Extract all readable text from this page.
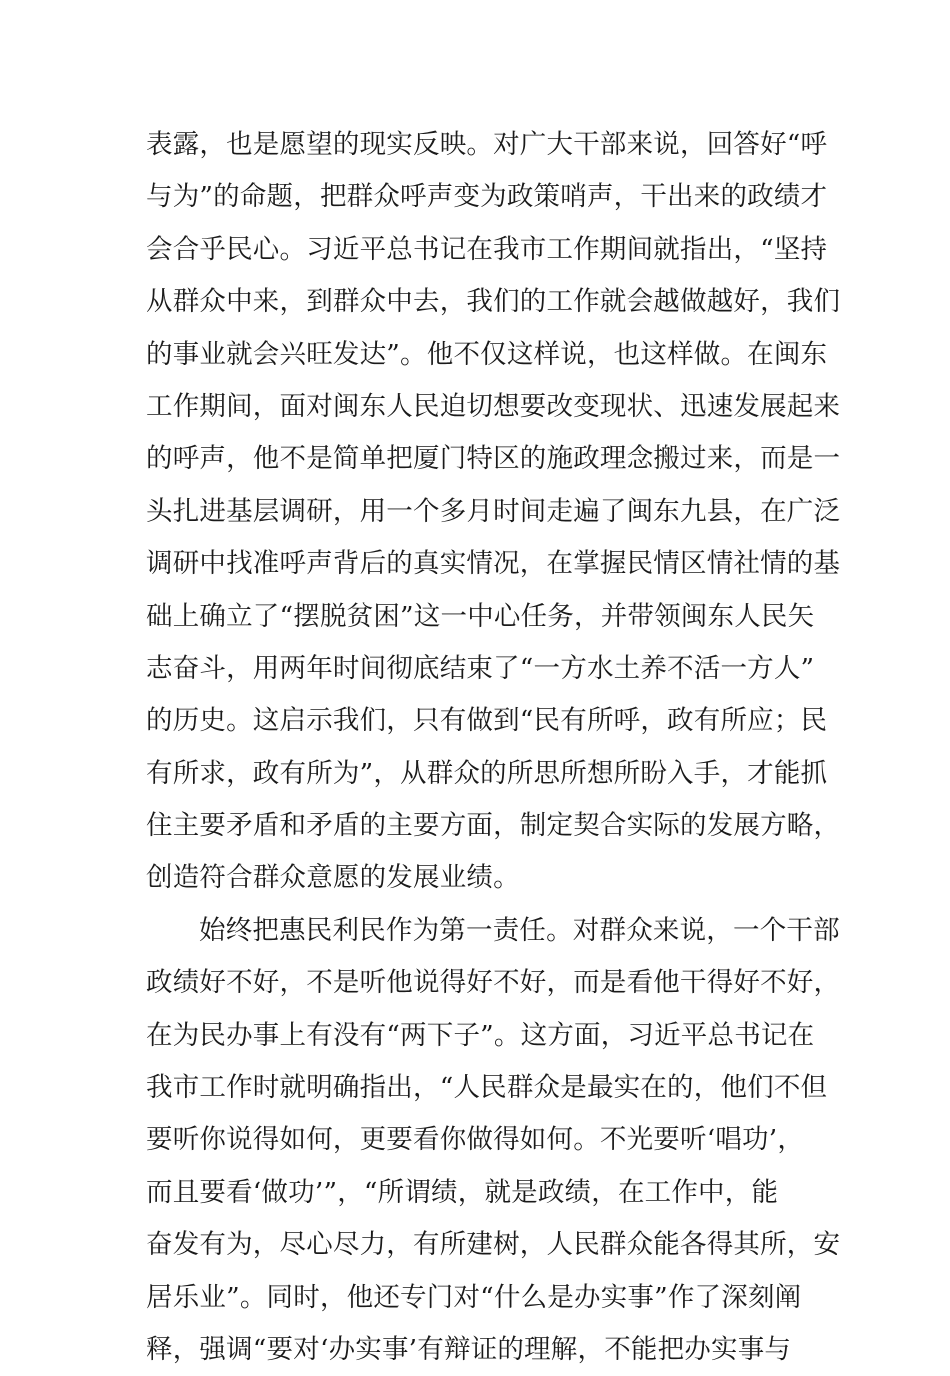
表露，也是愿望的现实反映。对广大干部来说，回答好“呼
与为”的命题，把群众呼声变为政策哨声，干出来的政绩才
会合乎民心。习近平总书记在我市工作期间就指出，“坚持
从群众中来，到群众中去，我们的工作就会越做越好，我们
的事业就会兴旺发达”。他不仅这样说，也这样做。在闽东
工作期间，面对闽东人民迫切想要改变现状、迅速发展起来
的呼声，他不是简单把厦门特区的施政理念搬过来，而是一
头扎进基层调研，用一个多月时间走遍了闽东九县，在广泛
调研中找准呼声背后的真实情况，在掌握民情区情社情的基
础上确立了“摆脱贫困”这一中心任务，并带领闽东人民矢
志奋斗，用两年时间彻底结束了“一方水土养不活一方人”
的历史。这启示我们，只有做到“民有所呼，政有所应；民
有所求，政有所为”，从群众的所思所想所盼入手，才能抓
住主要矛盾和矛盾的主要方面，制定契合实际的发展方略，
创造符合群众意愿的发展业绩。
始终把惠民利民作为第一责任。对群众来说，一个干部
政绩好不好，不是听他说得好不好，而是看他干得好不好，
在为民办事上有没有“两下子”。这方面，习近平总书记在
我市工作时就明确指出，“人民群众是最实在的，他们不但
要听你说得如何，更要看你做得如何。不光要听‘唱功’，
而且要看‘做功’”，“所谓绩，就是政绩，在工作中，能
奋发有为，尽心尽力，有所建树，人民群众能各得其所，安
居乐业”。同时，他还专门对“什么是办实事”作了深刻阐
释，强调“要对‘办实事’有辩证的理解，不能把办实事与
